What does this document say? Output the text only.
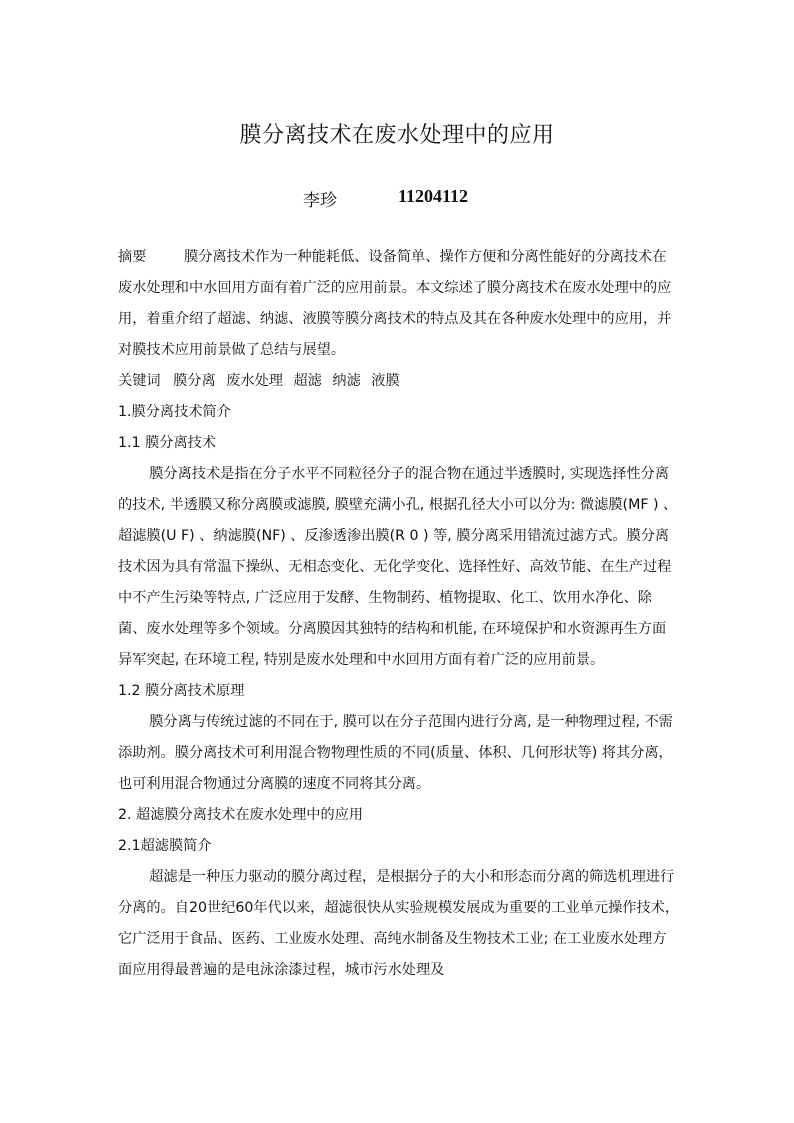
膜分离技术在废水处理中的应用
李珍	11204112

摘要	膜分离技术作为一种能耗低、设备简单、操作方便和分离性能好的分离技术在废水处理和中水回用方面有着广泛的应用前景。本文综述了膜分离技术在废水处理中的应用，着重介绍了超滤、纳滤、液膜等膜分离技术的特点及其在各种废水处理中的应用，并对膜技术应用前景做了总结与展望。

关键词 膜分离 废水处理 超滤 纳滤 液膜

1.膜分离技术简介

1.1 膜分离技术

膜分离技术是指在分子水平不同粒径分子的混合物在通过半透膜时, 实现选择性分离的技术, 半透膜又称分离膜或滤膜, 膜壁充满小孔, 根据孔径大小可以分为: 微滤膜(MF ) 、超滤膜(U F) 、纳滤膜(NF) 、反渗透渗出膜(R 0 ) 等, 膜分离采用错流过滤方式。膜分离技术因为具有常温下操纵、无相态变化、无化学变化、选择性好、高效节能、在生产过程中不产生污染等特点, 广泛应用于发酵、生物制药、植物提取、化工、饮用水净化、除菌、废水处理等多个领域。分离膜因其独特的结构和机能, 在环境保护和水资源再生方面异军突起, 在环境工程, 特别是废水处理和中水回用方面有着广泛的应用前景。

1.2 膜分离技术原理

膜分离与传统过滤的不同在于, 膜可以在分子范围内进行分离, 是一种物理过程, 不需添助剂。膜分离技术可利用混合物物理性质的不同(质量、体积、几何形状等) 将其分离，也可利用混合物通过分离膜的速度不同将其分离。

2. 超滤膜分离技术在废水处理中的应用

2.1超滤膜简介

超滤是一种压力驱动的膜分离过程，是根据分子的大小和形态而分离的筛选机理进行分离的。自20世纪60年代以来，超滤很快从实验规模发展成为重要的工业单元操作技术，它广泛用于食品、医药、工业废水处理、高纯水制备及生物技术工业; 在工业废水处理方面应用得最普遍的是电泳涂漆过程，城市污水处理及
